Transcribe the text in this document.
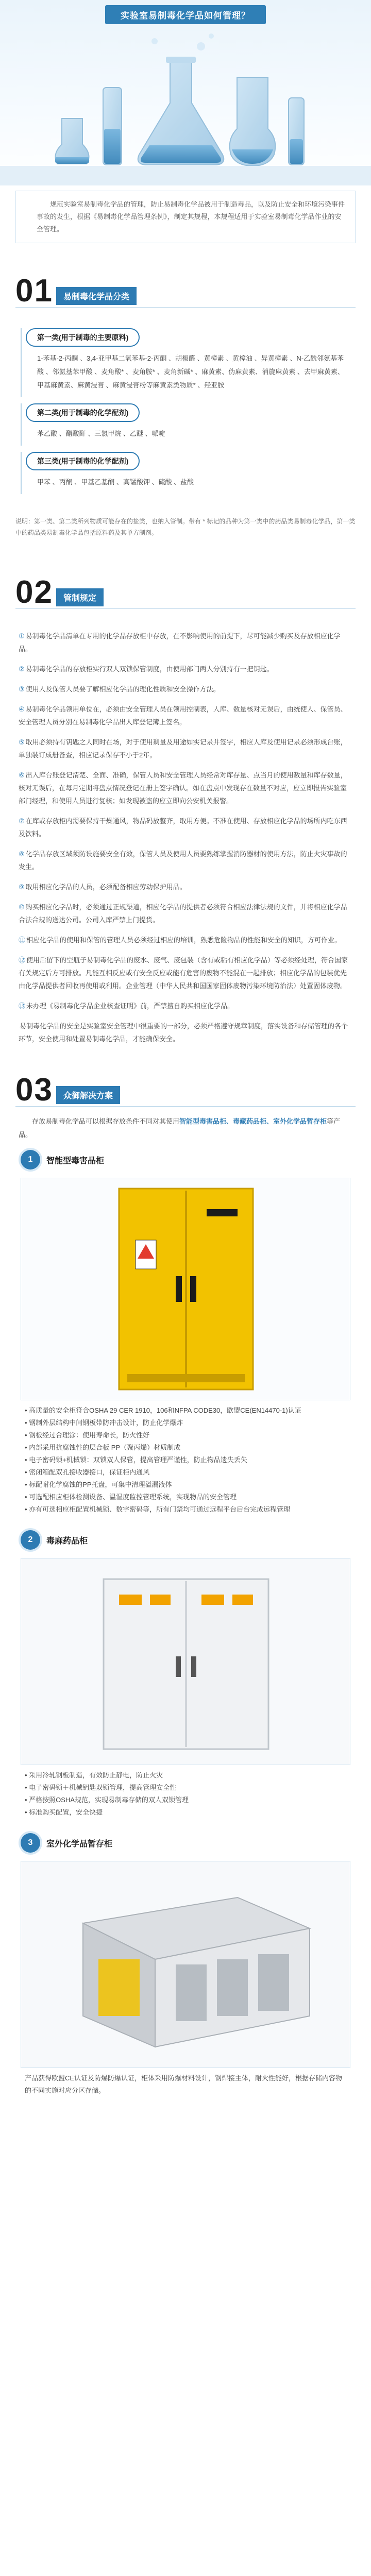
实验室易制毒化学品如何管理？
规范实验室易制毒化学品的管理，防止易制毒化学品被用于制造毒品，以及防止安全和环境污染事件事故的发生，根据《易制毒化学品管理条例》，制定其规程，本规程适用于实验室易制毒化学品作业的安全管理。
01	易制毒化学品分类
第一类(用于制毒的主要原料)
1-苯基-2-丙酮 、3,4-亚甲基二氧苯基-2-丙酮 、胡椒醛 、黄樟素 、黄樟油 、异黄樟素 、N-乙酰邻氨基苯酸 、邻氨基苯甲酸 、麦角酸* 、麦角胺* 、麦角新碱* 、麻黄素、伪麻黄素、消旋麻黄素 、去甲麻黄素、甲基麻黄素、麻黄浸膏 、麻黄浸膏粉等麻黄素类物质* 、羟亚胺
第二类(用于制毒的化学配剂)
苯乙酸 、醋酸酐 、三氯甲烷 、乙醚 、哌啶
第三类(用于制毒的化学配剂)
甲苯 、丙酮 、甲基乙基酮 、高锰酸钾 、硫酸 、盐酸
说明：第一类、第二类所列物质可能存在的盐类，也纳入管制。带有 * 标记的品种为第一类中的药品类易制毒化学品，第一类中的药品类易制毒化学品包括原料药及其单方制剂。
02	管制规定
① 易制毒化学品清单在专用的化学品存放柜中存放，在不影响使用的前提下，尽可能减少购买及存放相应化学品。
② 易制毒化学品的存放柜实行双人双锁保管制度，由使用部门两人分别持有一把钥匙。
③ 使用人及保管人员要了解相应化学品的理化性质和安全操作方法。
④ 易制毒化学品领用单位在，必须由安全管理人员在领用控制表，人库、数量核对无误后，由统使人、保管员、安全管理人员分别在易制毒化学品出人库登记簿上签名。
⑤ 取用必须持有钥匙之人同时在场，对于使用剩量及用途如实记录并签字，相应人库及使用记录必须形成台账，单独装订成册备查，相应记录保存不小于2年。
⑥ 出入库台账登记清楚、全面、准确，保管人员和安全管理人员经常对库存量、点当月的使用数量和库存数量，核对无误后，在每月定期将盘点情况登记在册上签字确认。如在盘点中发现存在数量不对应，应立即报告实验室部门经理，和使用人员进行复核；如发现被盗的应立即向公安机关报警。
⑦ 在库或存放柜内需要保持干燥通风，物品码放整齐，取用方便。不准在使用、存放相应化学品的场所内吃东西及饮料。
⑧ 化学品存放区域须防设施要安全有效，保管人员及使用人员要熟练掌握消防器材的使用方法，防止火灾事故的发生。
⑨ 取用相应化学品的人员，必须配备相应劳动保护用品。
⑩ 购买相应化学品时，必须通过正规渠道，相应化学品的提供者必须符合相应法律法规的文件，并将相应化学品合法合规的送达公司。公司入库严禁上门提货。
⑪ 相应化学品的使用和保管的管理人员必须经过相应的培训，熟悉危险物品的性能和安全的知识，方可作业。
⑫ 使用后留下的空瓶子易制毒化学品的废水、废气、废包装（含有或粘有相应化学品）等必须经处理，符合国家有关规定后方可排放。凡能互相反应或有安全反应或能有危害的废物不能混在一起排放；相应化学品的包装优先由化学品提供者回收再使用或利用。企业管理（中华人民共和国国家固体废物污染环境防治法）处置固体废物。
⑬ 未办理《易制毒化学品企业核查证明》前，严禁擅自购买相应化学品。
易制毒化学品的安全是实验室安全管理中很重要的一部分，必须严格遵守规章制度，落实设备和存储管理的各个环节，安全使用和处置易制毒化学品，才能确保安全。
03	众御解决方案
存放易制毒化学品可以根据存放条件不同对其使用智能型毒害品柜、毒藏药品柜、室外化学品暂存柜等产品。
1	智能型毒害品柜
• 高质量的安全柜符合OSHA 29 CER 1910，106和NFPA CODE30，欧盟CE(EN14470-1)认证
• 钢制外层结构中间钢板带防冲击设计，防止化学爆炸
• 钢板经过合理涂：使用寿命长，防火性好
• 内部采用抗腐蚀性的层合板 PP（聚丙烯）材质制成
• 电子密码锁+机械锁：双锁双人保管，提高管理严谨性，防止物品遗失丢失
• 密闭箱配双孔接收器接口，保证柜内通风
• 标配耐化学腐蚀的PP托盘，可集中清理溢漏液体
• 可选配相应柜体检测设备、温湿度监控管理系统，实现物品的安全管理
• 亦有可选相应柜配置机械锁、数字密码等，所有门禁均可通过远程平台后台完成远程管理
2	毒麻药品柜
• 采用冷轧钢板制造，有效防止静电，防止火灾
• 电子密码锁＋机械钥匙双锁管理，提高管理安全性
• 严格按照OSHA规范，实现易制毒存储的双人双锁管理
• 标准购买配置，安全快捷
3	室外化学品暂存柜
产品获得欧盟CE认证及防爆防爆认证，柜体采用防爆材料设计，钢焊接主体，耐火性能好，根据存储内容物的不同实施对应分区存储。
